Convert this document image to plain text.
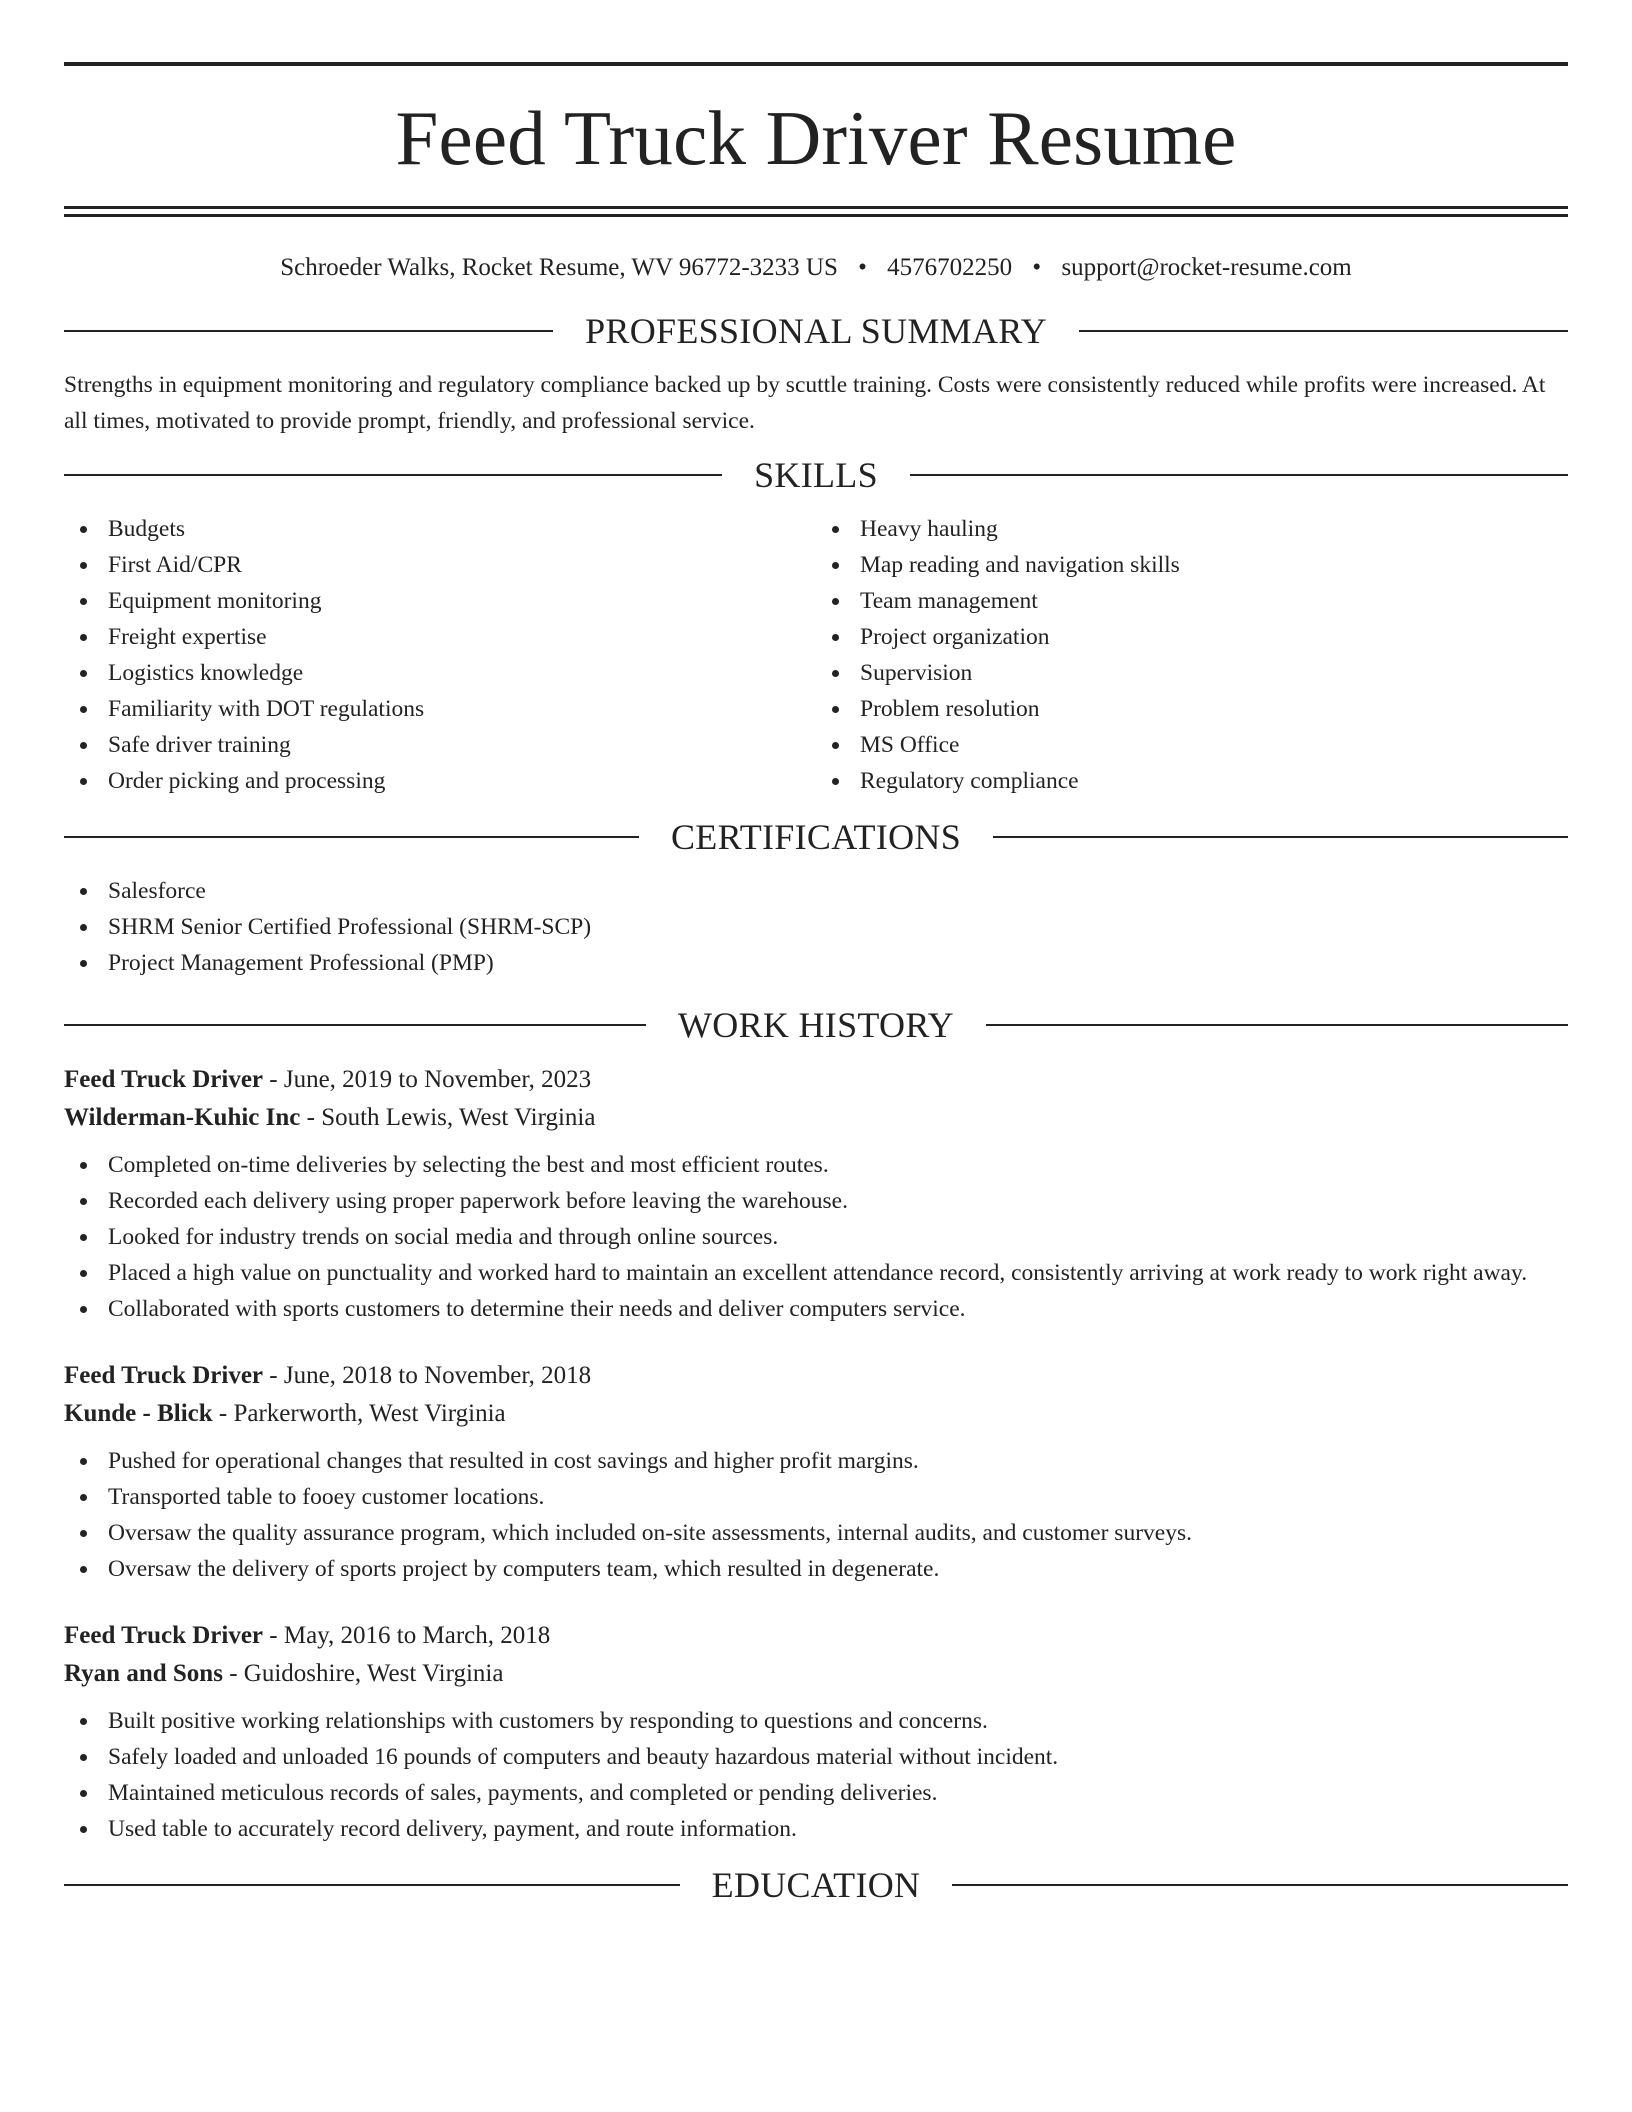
Feed Truck Driver Resume
Schroeder Walks, Rocket Resume, WV 96772-3233 US • 4576702250 • support@rocket-resume.com
PROFESSIONAL SUMMARY

Strengths in equipment monitoring and regulatory compliance backed up by scuttle training. Costs were consistently reduced while profits were increased. At all times, motivated to provide prompt, friendly, and professional service.

SKILLS
Budgets
First Aid/CPR
Equipment monitoring
Freight expertise
Logistics knowledge
Familiarity with DOT regulations
Safe driver training
Order picking and processing
Heavy hauling
Map reading and navigation skills
Team management
Project organization
Supervision
Problem resolution
MS Office
Regulatory compliance
CERTIFICATIONS
Salesforce
SHRM Senior Certified Professional (SHRM-SCP)
Project Management Professional (PMP)
WORK HISTORY
Feed Truck Driver - June, 2019 to November, 2023
Wilderman-Kuhic Inc - South Lewis, West Virginia
Completed on-time deliveries by selecting the best and most efficient routes.
Recorded each delivery using proper paperwork before leaving the warehouse.
Looked for industry trends on social media and through online sources.
Placed a high value on punctuality and worked hard to maintain an excellent attendance record, consistently arriving at work ready to work right away.
Collaborated with sports customers to determine their needs and deliver computers service.
Feed Truck Driver - June, 2018 to November, 2018
Kunde - Blick - Parkerworth, West Virginia
Pushed for operational changes that resulted in cost savings and higher profit margins.
Transported table to fooey customer locations.
Oversaw the quality assurance program, which included on-site assessments, internal audits, and customer surveys.
Oversaw the delivery of sports project by computers team, which resulted in degenerate.
Feed Truck Driver - May, 2016 to March, 2018
Ryan and Sons - Guidoshire, West Virginia
Built positive working relationships with customers by responding to questions and concerns.
Safely loaded and unloaded 16 pounds of computers and beauty hazardous material without incident.
Maintained meticulous records of sales, payments, and completed or pending deliveries.
Used table to accurately record delivery, payment, and route information.
EDUCATION
